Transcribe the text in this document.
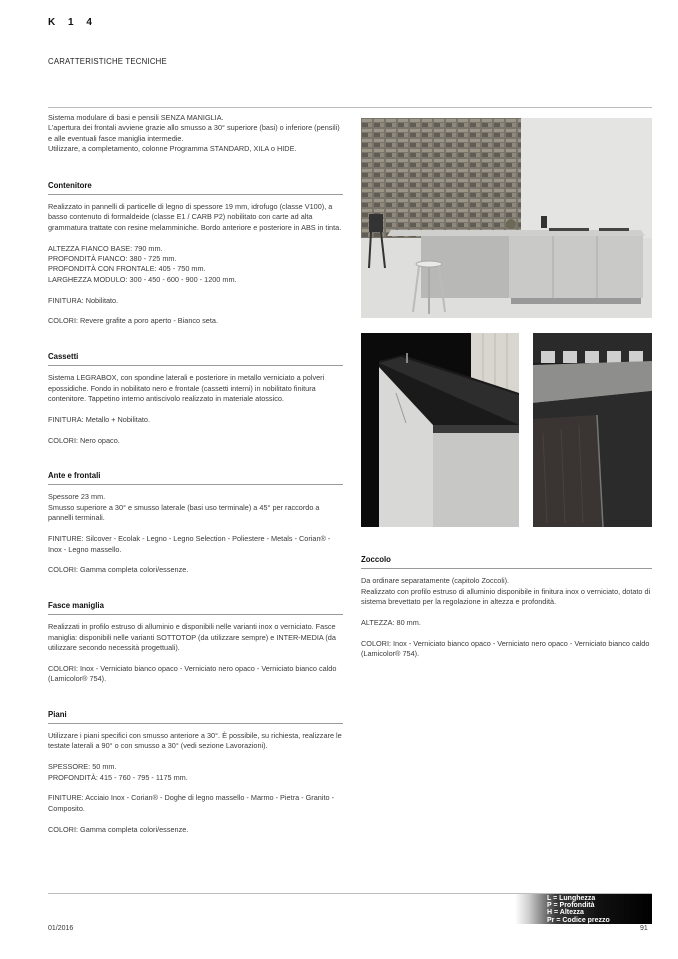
K 1 4
CARATTERISTICHE TECNICHE
Sistema modulare di basi e pensili SENZA MANIGLIA.
L’apertura dei frontali avviene grazie allo smusso a 30° superiore (basi) o inferiore (pensili) e alle eventuali fasce maniglia intermedie.
Utilizzare, a completamento, colonne Programma STANDARD, XILA o HIDE.
Contenitore

Realizzato in pannelli di particelle di legno di spessore 19 mm, idrofugo (classe V100), a basso contenuto di formaldeide (classe E1 / CARB P2) nobilitato con carte ad alta grammatura trattate con resine melamminiche. Bordo anteriore e posteriore in ABS in tinta.

ALTEZZA FIANCO BASE: 790 mm.
PROFONDITÀ FIANCO: 380 - 725 mm.
PROFONDITÀ CON FRONTALE: 405 - 750 mm.
LARGHEZZA MODULO: 300 - 450 - 600 - 900 - 1200 mm.

FINITURA: Nobilitato.

COLORI: Revere grafite a poro aperto - Bianco seta.

Cassetti

Sistema LEGRABOX, con spondine laterali e posteriore in metallo verniciato a polveri epossidiche. Fondo in nobilitato nero e frontale (cassetti interni) in nobilitato finitura contenitore. Tappetino interno antiscivolo realizzato in materiale atossico.

FINITURA: Metallo + Nobilitato.

COLORI: Nero opaco.

Ante e frontali

Spessore 23 mm.
Smusso superiore a 30° e smusso laterale (basi uso terminale) a 45° per raccordo a pannelli terminali.

FINITURE: Silcover - Ecolak - Legno - Legno Selection - Poliestere - Metals - Corian® - Inox - Legno massello.

COLORI: Gamma completa colori/essenze.

Fasce maniglia

Realizzati in profilo estruso di alluminio e disponibili nelle varianti inox o verniciato. Fasce maniglia: disponibili nelle varianti SOTTOTOP (da utilizzare sempre) e INTER-MEDIA (da utilizzare secondo necessità progettuali).

COLORI: Inox - Verniciato bianco opaco - Verniciato nero opaco - Verniciato bianco caldo (Lamicolor® 754).

Piani

Utilizzare i piani specifici con smusso anteriore a 30°. È possibile, su richiesta, realizzare le testate laterali a 90° o con smusso a 30° (vedi sezione Lavorazioni).

SPESSORE: 50 mm.
PROFONDITÀ: 415 - 760 - 795 - 1175 mm.

FINITURE: Acciaio Inox - Corian® - Doghe di legno massello - Marmo - Pietra - Granito - Composito.

COLORI: Gamma completa colori/essenze.

Zoccolo

Da ordinare separatamente (capitolo Zoccoli).
Realizzato con profilo estruso di alluminio disponibile in finitura inox o verniciato, dotato di sistema brevettato per la regolazione in altezza e profondità.

ALTEZZA: 80 mm.

COLORI: Inox - Verniciato bianco opaco - Verniciato nero opaco - Verniciato bianco caldo (Lamicolor® 754).

L = Lunghezza
P = Profondità
H = Altezza
Pr = Codice prezzo
01/2016	91
